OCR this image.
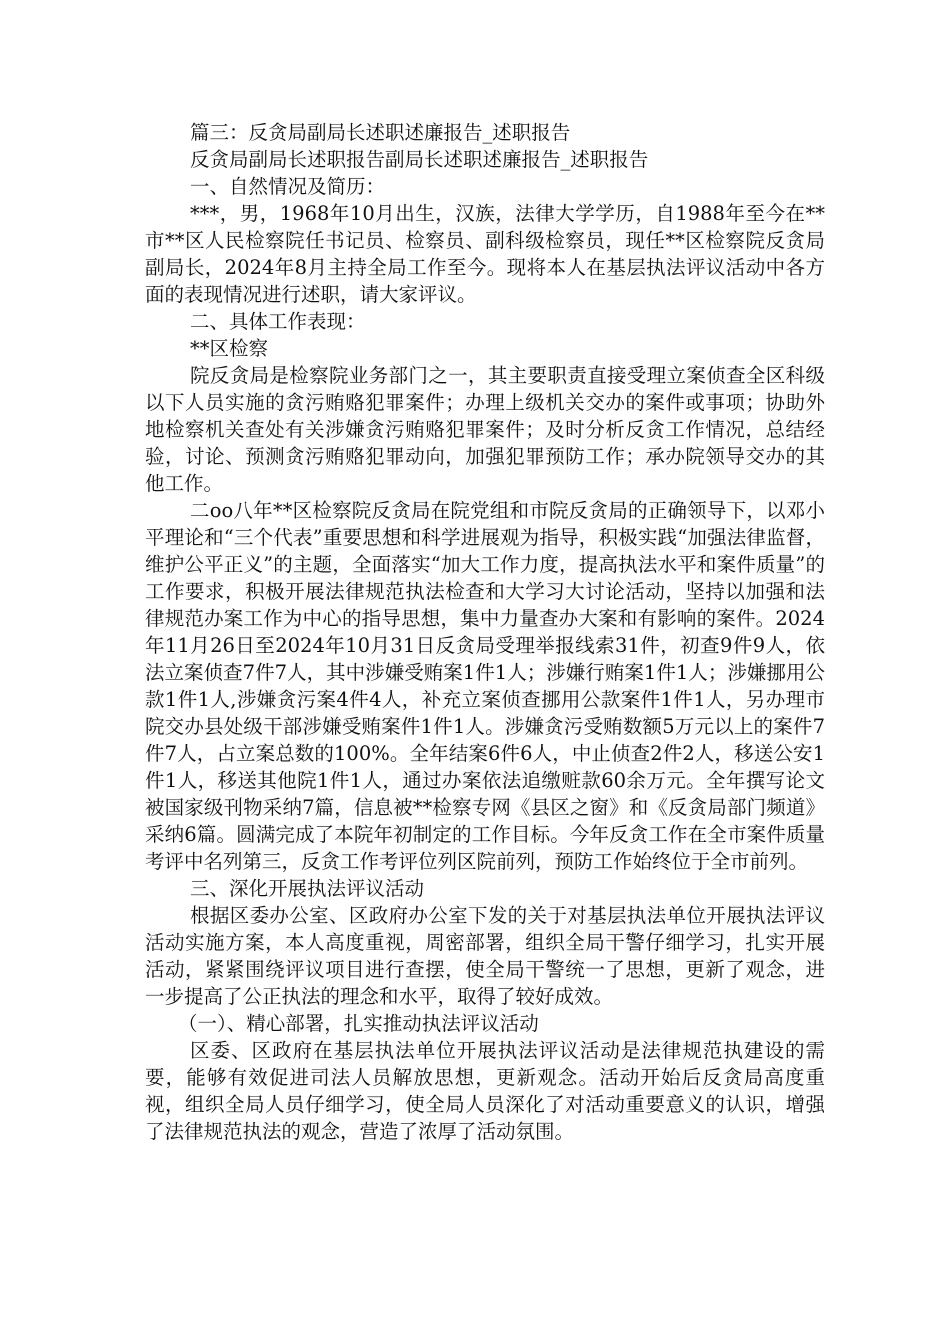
篇三：反贪局副局长述职述廉报告_述职报告

反贪局副局长述职报告副局长述职述廉报告_述职报告

一、自然情况及简历：

***，男，1968年10月出生，汉族，法律大学学历，自1988年至今在**市**区人民检察院任书记员、检察员、副科级检察员，现任**区检察院反贪局副局长，2024年8月主持全局工作至今。现将本人在基层执法评议活动中各方面的表现情况进行述职，请大家评议。

二、具体工作表现：

**区检察

院反贪局是检察院业务部门之一，其主要职责直接受理立案侦查全区科级以下人员实施的贪污贿赂犯罪案件；办理上级机关交办的案件或事项；协助外地检察机关查处有关涉嫌贪污贿赂犯罪案件；及时分析反贪工作情况，总结经验，讨论、预测贪污贿赂犯罪动向，加强犯罪预防工作；承办院领导交办的其他工作。

二oo八年**区检察院反贪局在院党组和市院反贪局的正确领导下，以邓小平理论和“三个代表”重要思想和科学进展观为指导，积极实践“加强法律监督，维护公平正义”的主题，全面落实“加大工作力度，提高执法水平和案件质量”的工作要求，积极开展法律规范执法检查和大学习大讨论活动，坚持以加强和法律规范办案工作为中心的指导思想，集中力量查办大案和有影响的案件。2024年11月26日至2024年10月31日反贪局受理举报线索31件，初查9件9人，依法立案侦查7件7人，其中涉嫌受贿案1件1人；涉嫌行贿案1件1人；涉嫌挪用公款1件1人,涉嫌贪污案4件4人，补充立案侦查挪用公款案件1件1人，另办理市院交办县处级干部涉嫌受贿案件1件1人。涉嫌贪污受贿数额5万元以上的案件7件7人，占立案总数的100%。全年结案6件6人，中止侦查2件2人，移送公安1件1人，移送其他院1件1人，通过办案依法追缴赃款60余万元。全年撰写论文被国家级刊物采纳7篇，信息被**检察专网《县区之窗》和《反贪局部门频道》采纳6篇。圆满完成了本院年初制定的工作目标。今年反贪工作在全市案件质量考评中名列第三，反贪工作考评位列区院前列，预防工作始终位于全市前列。

三、深化开展执法评议活动

根据区委办公室、区政府办公室下发的关于对基层执法单位开展执法评议活动实施方案，本人高度重视，周密部署，组织全局干警仔细学习，扎实开展活动，紧紧围绕评议项目进行查摆，使全局干警统一了思想，更新了观念，进一步提高了公正执法的理念和水平，取得了较好成效。

（一）、精心部署，扎实推动执法评议活动

区委、区政府在基层执法单位开展执法评议活动是法律规范执建设的需要，能够有效促进司法人员解放思想，更新观念。活动开始后反贪局高度重视，组织全局人员仔细学习，使全局人员深化了对活动重要意义的认识，增强了法律规范执法的观念，营造了浓厚了活动氛围。
